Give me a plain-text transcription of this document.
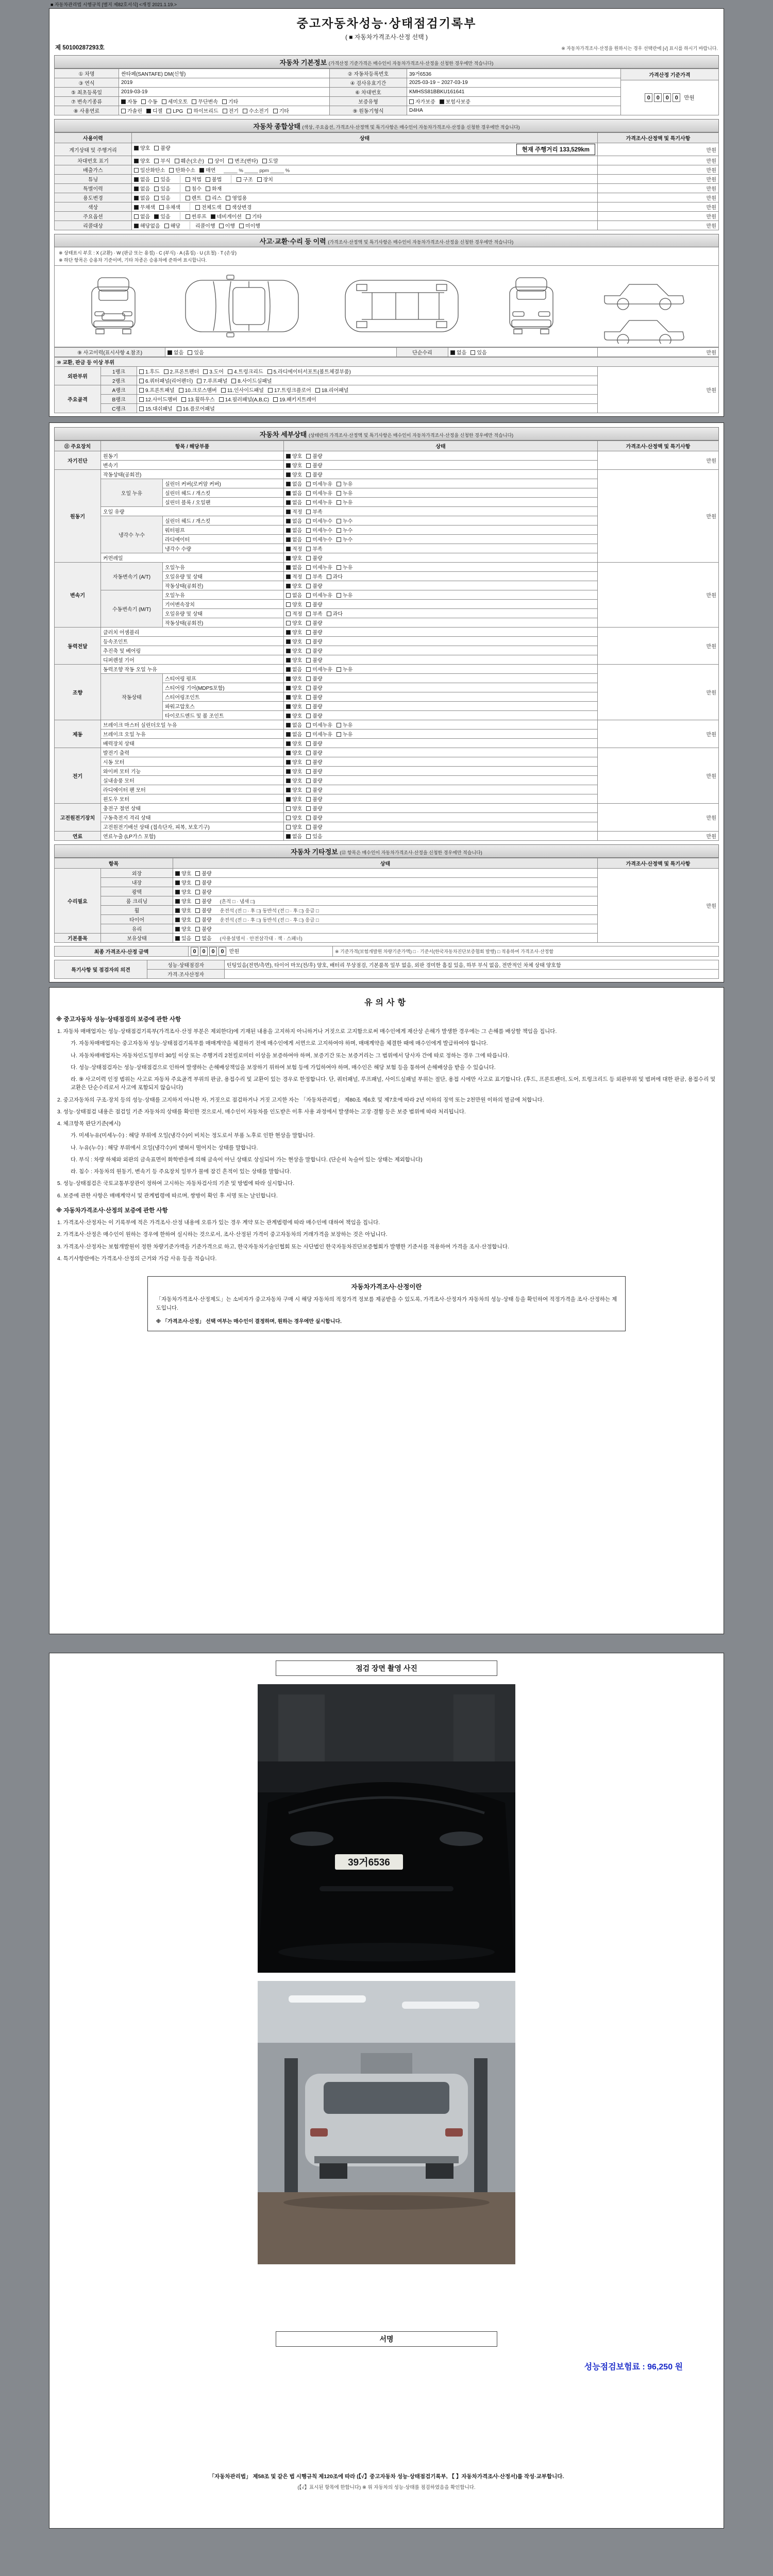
■ 자동차관리법 시행규칙 [별지 제82호서식] <개정 2021.1.19.>
중고자동차성능·상태점검기록부
( ■ 자동차가격조사·산정 선택 )
제 50100287293호	※ 자동차가격조사·산정을 원하시는 경우 선택란에 [√] 표시를 하시기 바랍니다.
자동차 기본정보 (가격산정 기준가격은 매수인이 자동차가격조사·산정을 신청한 경우에만 적습니다)
① 차명	싼타페(SANTAFE) DM(신형)	② 자동차등록번호	39거6536
③ 연식	2019	④ 검사유효기간	2025-03-19 ~ 2027-03-19
⑤ 최초등록일	2019-03-19	⑥ 차대번호	KMHSS81BBKU161641
⑦ 변속기종류	자동 수동 세미오토 무단변속 기타	보증유형	자가보증 보험사보증
⑧ 사용연료	가솔린 디젤 LPG 하이브리드 전기 수소전기 기타	⑨ 원동기형식	D4HA
가격산정 기준가격
0 0 0 0	만원
자동차 종합상태 (색상, 주요옵션, 가격조사·산정액 및 특기사항은 매수인이 자동차가격조사·산정을 신청한 경우에만 적습니다)
사용이력	상태	가격조사·산정액 및 특기사항
계기상태 및 주행거리	양호 불량 현재 주행거리 133,529km	만원
차대번호 표기	양호 부식 훼손(오손) 상이 변조(변타) 도말	만원
배출가스	일산화탄소 탄화수소 매연 _____ % _____ ppm _____ %	만원
튜닝	없음 있음 적법 불법 구조 장치	만원
특별이력	없음 있음 침수 화재	만원
용도변경	없음 있음 렌트 리스 영업용	만원
색상	무채색 유채색 전체도색 색상변경	만원
주요옵션	없음 있음 썬루프 네비게이션 기타	만원
리콜대상	해당없음 해당 리콜이행 이행 미이행	만원
사고·교환·수리 등 이력 (가격조사·산정액 및 특기사항은 매수인이 자동차가격조사·산정을 신청한 경우에만 적습니다)
※ 상태표시 부호 : X (교환) · W (판금 또는 용접) · C (부식) · A (흠집) · U (요철) · T (손상)
※ 하단 항목은 승용차 기준이며, 기타 차종은 승용차에 준하여 표시합니다.
⑨ 사고이력(표시사항 4.참조)	없음 있음	단순수리	없음 있음	만원
⑩ 교환, 판금 등 이상 부위			
외판부위	1랭크	1.후드 2.프론트펜더 3.도어 4.트렁크리드 5.라디에이터서포트(볼트체결부품)	만원
	2랭크	6.쿼터패널(리어펜더) 7.루프패널 8.사이드실패널	
주요골격	A랭크	9.프론트패널 10.크로스멤버 11.인사이드패널 17.트렁크플로어 18.리어패널	
	B랭크	12.사이드멤버 13.휠하우스 14.필러패널(A,B,C) 19.패키지트레이	
	C랭크	15.대쉬패널 16.플로어패널	
자동차 세부상태 (상태란의 가격조사·산정액 및 특기사항은 매수인이 자동차가격조사·산정을 신청한 경우에만 적습니다)
⑪ 주요장치	항목 / 해당부품		상태	가격조사·산정액 및 특기사항
자기진단	원동기		양호 불량	만원
	변속기		양호 불량	
원동기	작동상태(공회전)		양호 불량	만원
	오일 누유	실린더 커버(로커암 커버)	없음 미세누유 누유	
		실린더 헤드 / 개스킷	없음 미세누유 누유	
		실린더 블록 / 오일팬	없음 미세누유 누유	
	오일 유량		적정 부족	
	냉각수 누수	실린더 헤드 / 개스킷	없음 미세누수 누수	
		워터펌프	없음 미세누수 누수	
		라디에이터	없음 미세누수 누수	
		냉각수 수량	적정 부족	
	커먼레일		양호 불량	
변속기	자동변속기 (A/T)	오일누유	없음 미세누유 누유	만원
		오일유량 및 상태	적정 부족 과다	
		작동상태(공회전)	양호 불량	
	수동변속기 (M/T)	오일누유	없음 미세누유 누유	
		기어변속장치	양호 불량	
		오일유량 및 상태	적정 부족 과다	
		작동상태(공회전)	양호 불량	
동력전달	클러치 어셈블리		양호 불량	만원
	등속조인트		양호 불량	
	추진축 및 베어링		양호 불량	
	디퍼렌셜 기어		양호 불량	
조향	동력조향 작동 오일 누유		없음 미세누유 누유	만원
	작동상태	스티어링 펌프	양호 불량	
		스티어링 기어(MDPS포함)	양호 불량	
		스티어링조인트	양호 불량	
		파워고압호스	양호 불량	
		타이로드엔드 및 볼 조인트	양호 불량	
제동	브레이크 마스터 실린더오일 누유		없음 미세누유 누유	만원
	브레이크 오일 누유		없음 미세누유 누유	
	배력장치 상태		양호 불량	
전기	발전기 출력		양호 불량	만원
	시동 모터		양호 불량	
	와이퍼 모터 기능		양호 불량	
	실내송풍 모터		양호 불량	
	라디에이터 팬 모터		양호 불량	
	윈도우 모터		양호 불량	
고전원전기장치	충전구 절연 상태		양호 불량	만원
	구동축전지 격리 상태		양호 불량	
	고전원전기배선 상태 (접속단자, 피복, 보호기구)		양호 불량	
연료	연료누출 (LP가스 포함)		없음 있음	만원
자동차 기타정보 (⑫ 항목은 매수인이 자동차가격조사·산정을 신청한 경우에만 적습니다)
항목		상태	가격조사·산정액 및 특기사항
수리필요	외장	양호 불량	만원
	내장	양호 불량	
	광택	양호 불량	
	룸 크리닝	양호 불량 (흔적 □ · 냄새 □)	
	휠	양호 불량 운전석 (전 □ · 후 □) 동반석 (전 □ · 후 □) 응급 □	
	타이어	양호 불량 운전석 (전 □ · 후 □) 동반석 (전 □ · 후 □) 응급 □	
	유리	양호 불량	
기본품목	보유상태	있음 없음 (사용설명서 · 안전삼각대 · 잭 · 스패너)	
최종 가격조사·산정 금액	0 0 0 0 만원	※ 기준가격(보험개발원 차량기준가액) □ · 기준서(한국자동차진단보증협회 발행) □ 적용하여 가격조사·산정함
특기사항 및 점검자의 의견	성능·상태점검자	틴팅있음(전면/측면), 타이어 마모(전/후) 양호, 배터리 무상점검, 기본품목 일부 없음, 외판 경미한 흠집 있음, 하부 부식 없음, 전반적인 차체 상태 양호함
	가격·조사산정자	
유의사항
※ 중고자동차 성능·상태점검의 보증에 관한 사항
1. 자동차 매매업자는 성능·상태점검기록부(가격조사·산정 부분은 제외한다)에 기재된 내용을 고지하지 아니하거나 거짓으로 고지함으로써 매수인에게 재산상 손해가 발생한 경우에는 그 손해를 배상할 책임을 집니다.
가. 자동차매매업자는 중고자동차 성능·상태점검기록부를 매매계약을 체결하기 전에 매수인에게 서면으로 고지하여야 하며, 매매계약을 체결한 때에 매수인에게 발급하여야 합니다.
나. 자동차매매업자는 자동차인도일부터 30일 이상 또는 주행거리 2천킬로미터 이상을 보증하여야 하며, 보증기간 또는 보증거리는 그 범위에서 당사자 간에 따로 정하는 경우 그에 따릅니다.
다. 성능·상태점검자는 성능·상태점검으로 인하여 발생하는 손해배상책임을 보장하기 위하여 보험 등에 가입하여야 하며, 매수인은 해당 보험 등을 통하여 손해배상을 받을 수 있습니다.
라. ⑨ 사고이력 인정 범위는 사고로 자동차 주요골격 부위의 판금, 용접수리 및 교환이 있는 경우로 한정합니다. 단, 쿼터패널, 루프패널, 사이드실패널 부위는 절단, 용접 시에만 사고로 표기합니다. (후드, 프론트펜더, 도어, 트렁크리드 등 외판부위 및 범퍼에 대한 판금, 용접수리 및 교환은 단순수리로서 사고에 포함되지 않습니다)
2. 중고자동차의 구조·장치 등의 성능·상태를 고지하지 아니한 자, 거짓으로 점검하거나 거짓 고지한 자는 「자동차관리법」 제80조 제6호 및 제7호에 따라 2년 이하의 징역 또는 2천만원 이하의 벌금에 처합니다.
3. 성능·상태점검 내용은 점검일 기준 자동차의 상태를 확인한 것으로서, 매수인이 자동차를 인도받은 이후 사용 과정에서 발생하는 고장·결함 등은 보증 범위에 따라 처리됩니다.
4. 체크항목 판단기준(예시)
가. 미세누유(미세누수) : 해당 부위에 오일(냉각수)이 비치는 정도로서 부품 노후로 인한 현상을 말합니다.
나. 누유(누수) : 해당 부위에서 오일(냉각수)이 맺혀서 떨어지는 상태를 말합니다.
다. 부식 : 차량 하체와 외판의 금속표면이 화학반응에 의해 금속이 아닌 상태로 상실되어 가는 현상을 말합니다. (단순히 녹슬어 있는 상태는 제외합니다)
라. 침수 : 자동차의 원동기, 변속기 등 주요장치 일부가 물에 잠긴 흔적이 있는 상태를 말합니다.
5. 성능·상태점검은 국토교통부장관이 정하여 고시하는 자동차검사의 기준 및 방법에 따라 실시합니다.
6. 보증에 관한 사항은 매매계약서 및 관계법령에 따르며, 쌍방이 확인 후 서명 또는 날인합니다.
※ 자동차가격조사·산정의 보증에 관한 사항
1. 가격조사·산정자는 이 기록부에 적은 가격조사·산정 내용에 오류가 있는 경우 계약 또는 관계법령에 따라 매수인에 대하여 책임을 집니다.
2. 가격조사·산정은 매수인이 원하는 경우에 한하여 실시하는 것으로서, 조사·산정된 가격이 중고자동차의 거래가격을 보장하는 것은 아닙니다.
3. 가격조사·산정자는 보험개발원이 정한 차량기준가액을 기준가격으로 하고, 한국자동차기술인협회 또는 사단법인 한국자동차진단보증협회가 발행한 기준서를 적용하여 가격을 조사·산정합니다.
4. 특기사항란에는 가격조사·산정의 근거와 가감 사유 등을 적습니다.
자동차가격조사·산정이란
「자동차가격조사·산정제도」는 소비자가 중고자동차 구매 시 해당 자동차의 적정가격 정보를 제공받을 수 있도록, 가격조사·산정자가 자동차의 성능·상태 등을 확인하여 적정가격을 조사·산정하는 제도입니다.
※ 「가격조사·산정」 선택 여부는 매수인이 결정하며, 원하는 경우에만 실시합니다.
점검 장면 촬영 사진
39거6536
서명
성능점검보험료 : 96,250 원
「자동차관리법」 제58조 및 같은 법 시행규칙 제120조에 따라 (【√】중고자동차 성능·상태점검기록부, 【 】자동차가격조사·산정서)를 작성·교부합니다.
(【√】표시된 항목에 한합니다) ※ 위 자동차의 성능·상태를 점검하였음을 확인합니다.
